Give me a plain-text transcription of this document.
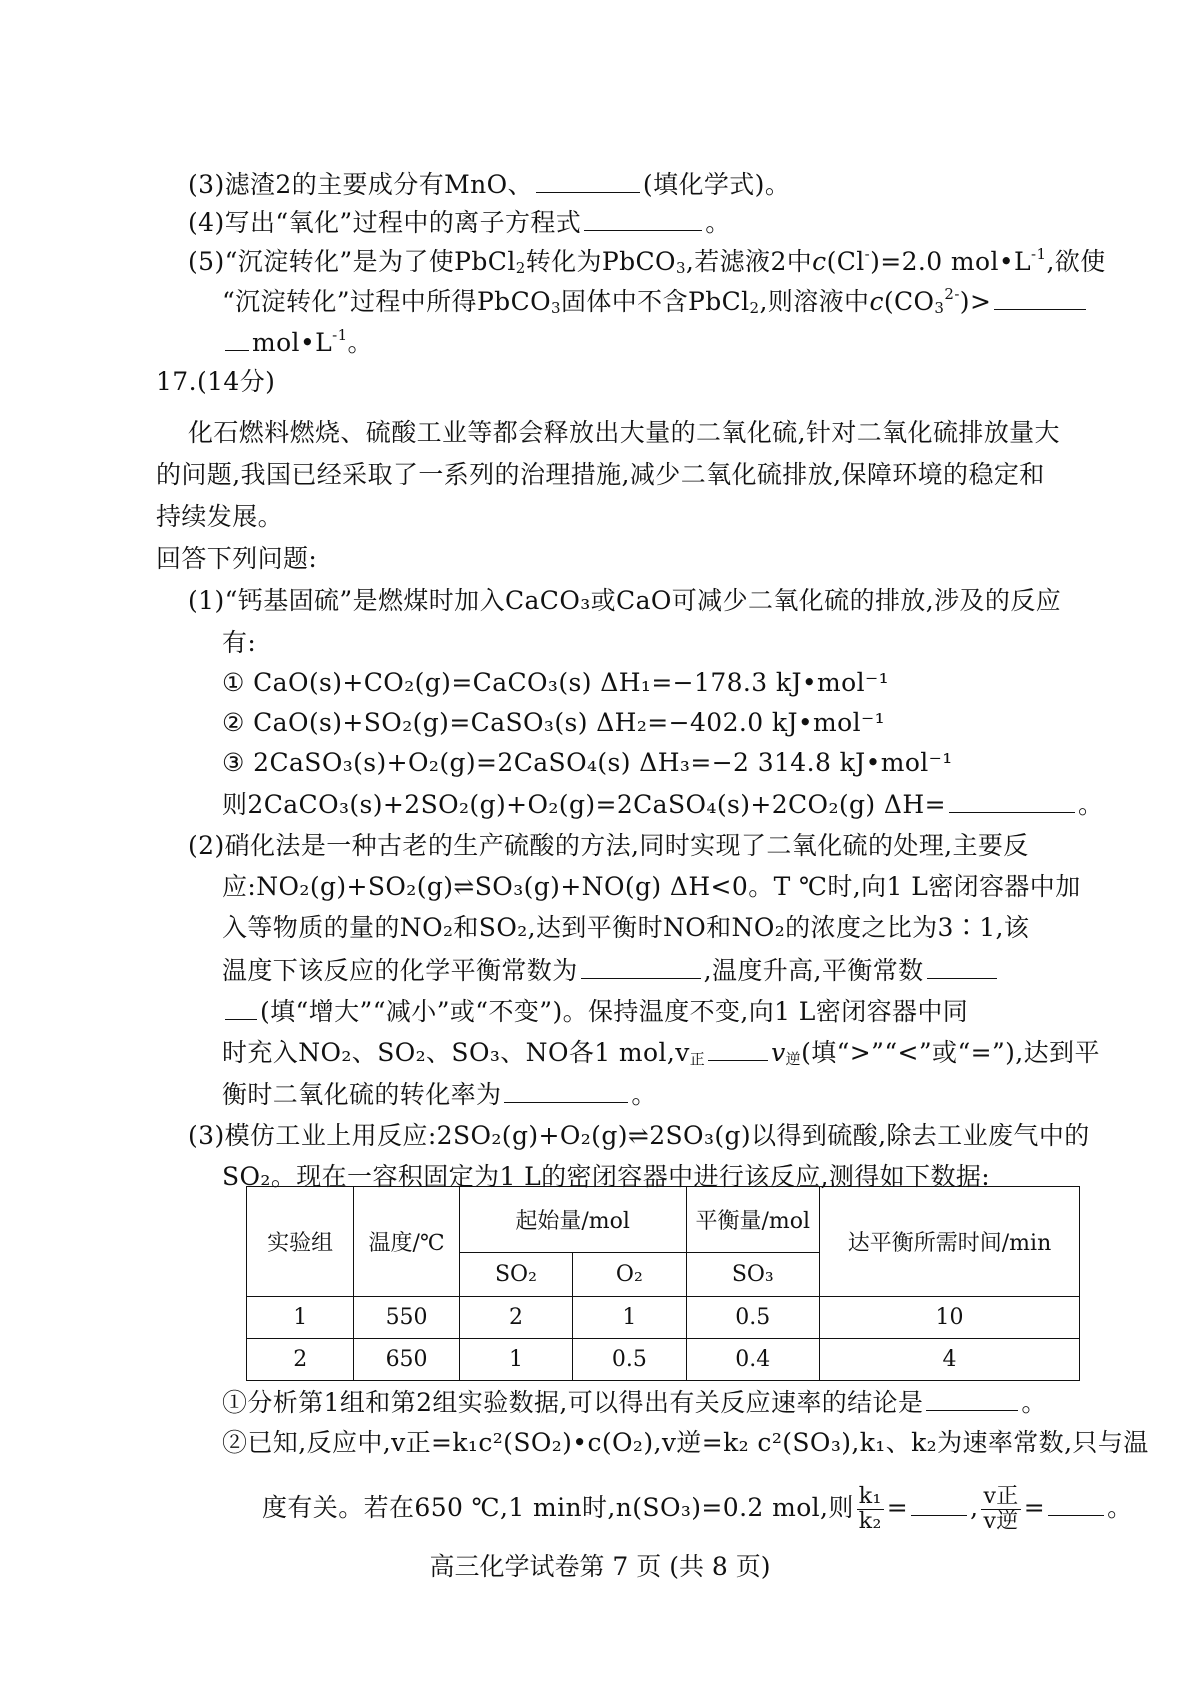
(3)滤渣2的主要成分有MnO、	(填化学式)。
(4)写出“氧化”过程中的离子方程式	。
(5)“沉淀转化”是为了使PbCl$_2$转化为PbCO$_3$,若滤液2中c(Cl-)=2.0 $mol•L^{-1}$,欲使
“沉淀转化”过程中所得PbCO$_3$固体中不含PbCl$_2$,则溶液中$c(CO_3^{2-})>$
$mol•L^{-1}$。
17.(14分)
化石燃料燃烧、硫酸工业等都会释放出大量的二氧化硫,针对二氧化硫排放量大
的问题,我国已经采取了一系列的治理措施,减少二氧化硫排放,保障环境的稳定和
持续发展。
回答下列问题:
(1)“钙基固硫”是燃煤时加入CaCO₃或CaO可减少二氧化硫的排放,涉及的反应
有:
① CaO(s)+CO₂(g)=CaCO₃(s) ΔH₁=−178.3 kJ•mol⁻¹
② CaO(s)+SO₂(g)=CaSO₃(s) ΔH₂=−402.0 kJ•mol⁻¹
③ 2CaSO₃(s)+O₂(g)=2CaSO₄(s) ΔH₃=−2 314.8 kJ•mol⁻¹
则2CaCO₃(s)+2SO₂(g)+O₂(g)=2CaSO₄(s)+2CO₂(g) ΔH=	。
(2)硝化法是一种古老的生产硫酸的方法,同时实现了二氧化硫的处理,主要反
应:NO₂(g)+SO₂(g)⇌SO₃(g)+NO(g) ΔH<0。T ℃时,向1 L密闭容器中加
入等物质的量的NO₂和SO₂,达到平衡时NO和NO₂的浓度之比为3∶1,该
温度下该反应的化学平衡常数为	,温度升高,平衡常数
(填“增大”“减小”或“不变”)。保持温度不变,向1 L密闭容器中同
时充入NO₂、SO₂、SO₃、NO各1 $mol,v_正$	$v_逆$(填“>”“<”或“=”),达到平
衡时二氧化硫的转化率为	。
(3)模仿工业上用反应:2SO₂(g)+O₂(g)⇌2SO₃(g)以得到硫酸,除去工业废气中的
SO₂。现在一容积固定为1 L的密闭容器中进行该反应,测得如下数据:
实验组	温度/℃	起始量/mol		平衡量/mol	达平衡所需时间/min
		SO₂	O₂	SO₃	
1	550	2	1	0.5	10
2	650	1	0.5	0.4	4
①分析第1组和第2组实验数据,可以得出有关反应速率的结论是	。
②已知,反应中,v正=k₁c²(SO₂)•c(O₂),v逆=k₂ c²(SO₃),k₁、k₂为速率常数,只与温
度有关。若在650 ℃,1 min时,n(SO₃)=0.2 mol,则 $\frac{\text{k₁}}{\text{k₂}}$ = , $\frac{\text{v正}}{\text{v逆}}$ = 。
高三化学试卷第 7 页 (共 8 页)
